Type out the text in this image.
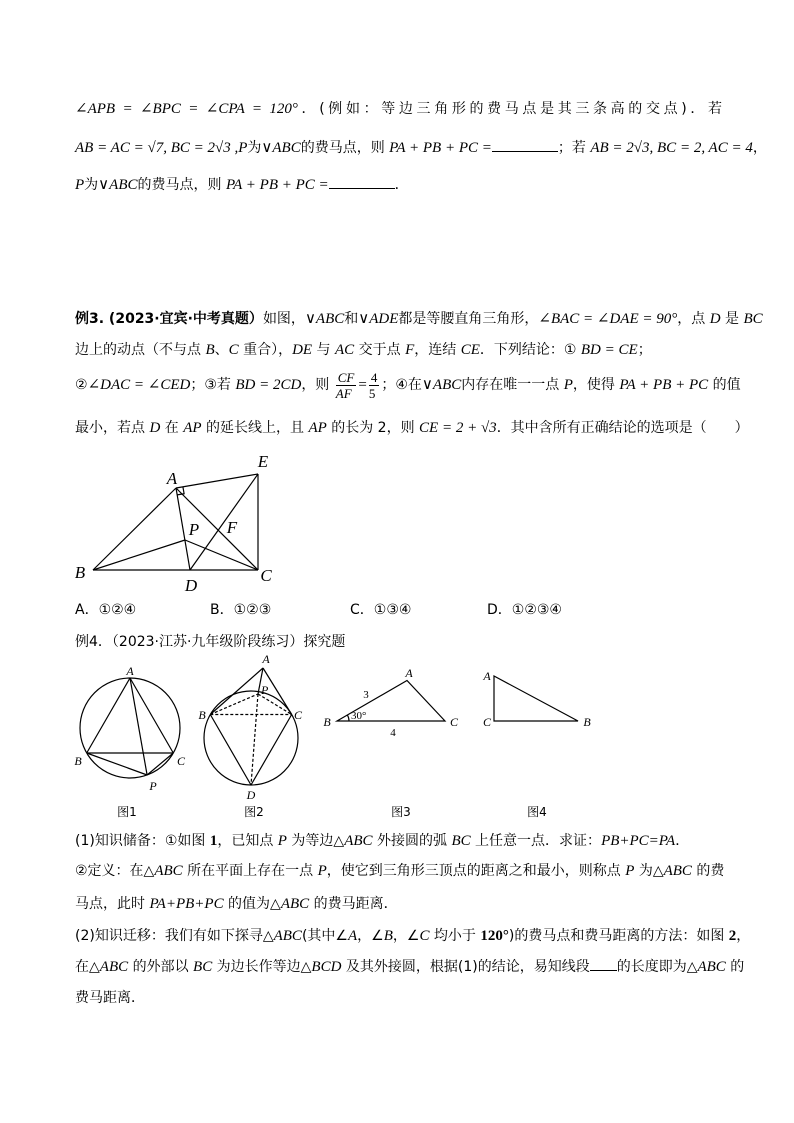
∠APB = ∠BPC = ∠CPA = 120°．(例如：等边三角形的费马点是其三条高的交点)．若
AB = AC = √7, BC = 2√3 ,P为∨ABC的费马点，则 PA + PB + PC =	；若 AB = 2√3, BC = 2, AC = 4，
P为∨ABC的费马点，则 PA + PB + PC =	．
例3. (2023·宜宾·中考真题）如图，∨ABC和∨ADE都是等腰直角三角形，∠BAC = ∠DAE = 90°，点 D 是 BC
边上的动点（不与点 B、C 重合），DE 与 AC 交于点 F，连结 CE．下列结论：① BD = CE；
②∠DAC = ∠CED；③若 BD = 2CD，则 $\frac{CF}{AF} = \frac{4}{5}$ ；④在∨ABC内存在唯一一点 P，使得 PA + PB + PC 的值
最小，若点 D 在 AP 的延长线上，且 AP 的长为 2，则 CE = 2 + √3．其中含所有正确结论的选项是（　　）
A
E
B
D
C
P F
A．①②④	B．①②③	C．①③④	D．①②③④
例4．（2023·江苏·九年级阶段练习）探究题
A
B	C
P
A
P
B	C
D
B
A
C
3
30°
4
A
C	B
图1	图2	图3	图4
(1)知识储备：①如图 1，已知点 P 为等边△ABC 外接圆的弧 BC 上任意一点．求证：PB+PC=PA．
②定义：在△ABC 所在平面上存在一点 P，使它到三角形三顶点的距离之和最小，则称点 P 为△ABC 的费
马点，此时 PA+PB+PC 的值为△ABC 的费马距离．
(2)知识迁移：我们有如下探寻△ABC(其中∠A，∠B，∠C 均小于 120°)的费马点和费马距离的方法：如图 2，
在△ABC 的外部以 BC 为边长作等边△BCD 及其外接圆，根据(1)的结论，易知线段 的长度即为△ABC 的
费马距离．
